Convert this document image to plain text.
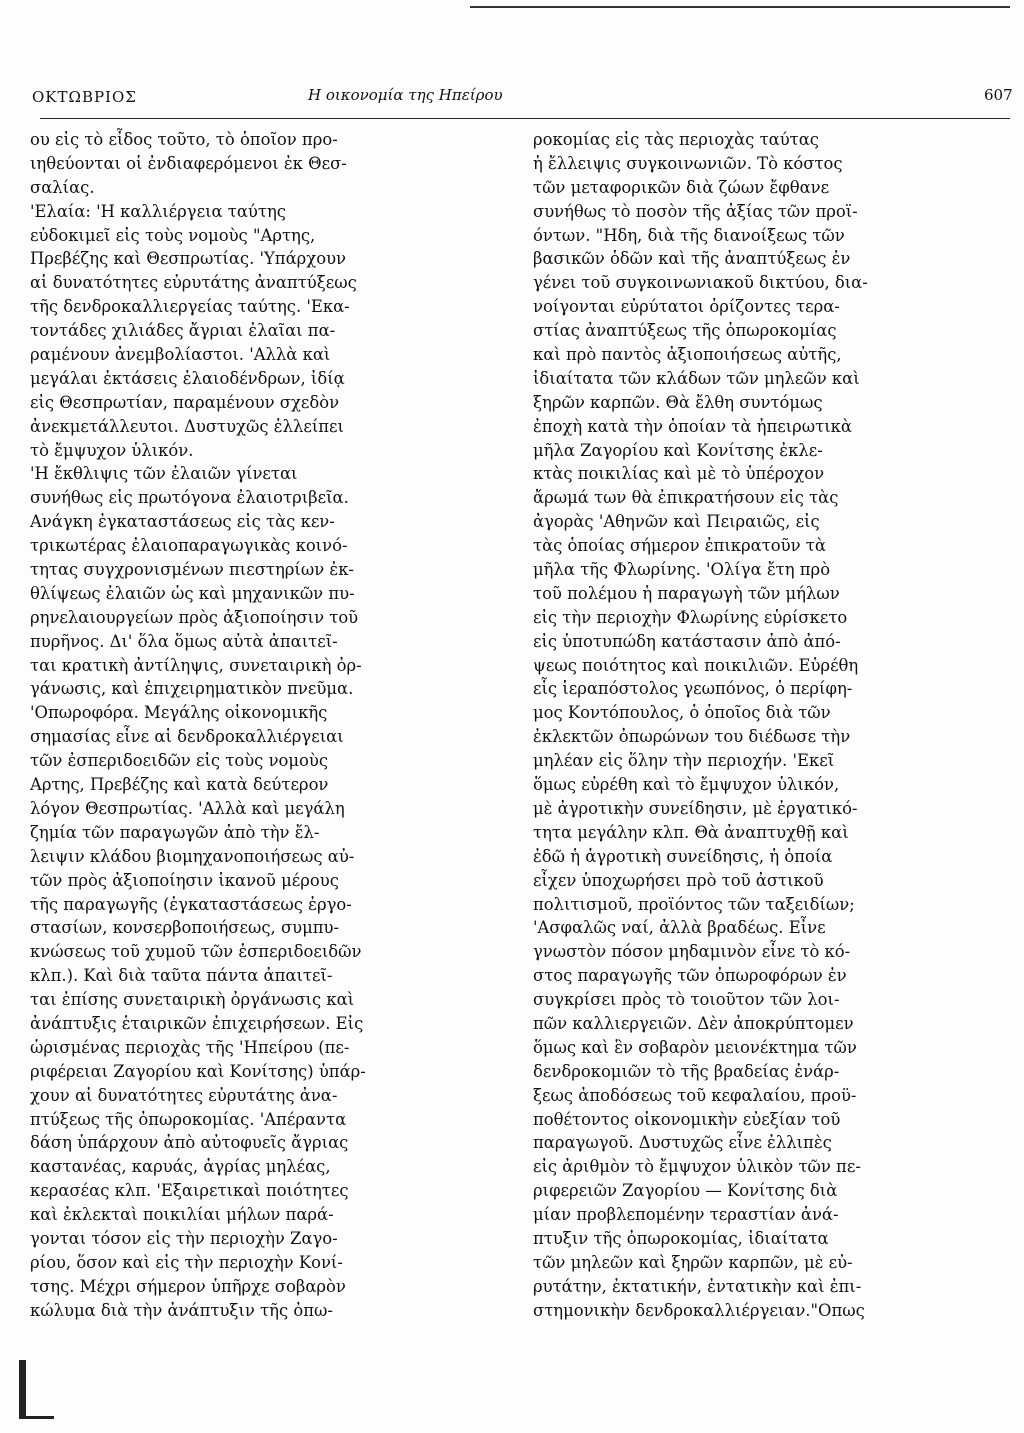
ΟΚΤΩΒΡΙΟΣ	Η οικονομία της Ηπείρου	607
ου εἰς τὸ εἶδος τοῦτο, τὸ ὁποῖον προ-
ιηθεύονται οἱ ἐνδιαφερόμενοι ἐκ Θεσ-
σαλίας.
'Ελαία: 'Η καλλιέργεια ταύτης
εὐδοκιμεῖ εἰς τοὺς νομοὺς "Αρτης,
Πρεβέζης καὶ Θεσπρωτίας. 'Υπάρχουν
αἱ δυνατότητες εὐρυτάτης ἀναπτύξεως
τῆς δενδροκαλλιεργείας ταύτης. 'Εκα-
τοντάδες χιλιάδες ἄγριαι ἐλαῖαι πα-
ραμένουν ἀνεμβολίαστοι. 'Αλλὰ καὶ
μεγάλαι ἐκτάσεις ἐλαιοδένδρων, ἰδίᾳ
εἰς Θεσπρωτίαν, παραμένουν σχεδὸν
ἀνεκμετάλλευτοι. Δυστυχῶς ἐλλείπει
τὸ ἔμψυχον ὑλικόν.
'Η ἔκθλιψις τῶν ἐλαιῶν γίνεται
συνήθως εἰς πρωτόγονα ἐλαιοτριβεῖα.
Ανάγκη ἐγκαταστάσεως εἰς τὰς κεν-
τρικωτέρας ἐλαιοπαραγωγικὰς κοινό-
τητας συγχρονισμένων πιεστηρίων ἐκ-
θλίψεως ἐλαιῶν ὡς καὶ μηχανικῶν πυ-
ρηνελαιουργείων πρὸς ἀξιοποίησιν τοῦ
πυρῆνος. Δι' ὅλα ὅμως αὐτὰ ἀπαιτεῖ-
ται κρατικὴ ἀντίληψις, συνεταιρικὴ ὀρ-
γάνωσις, καὶ ἐπιχειρηματικὸν πνεῦμα.
'Οπωροφόρα. Μεγάλης οἰκονομικῆς
σημασίας εἶνε αἱ δενδροκαλλιέργειαι
τῶν ἐσπεριδοειδῶν εἰς τοὺς νομοὺς
Αρτης, Πρεβέζης καὶ κατὰ δεύτερον
λόγον Θεσπρωτίας. 'Αλλὰ καὶ μεγάλη
ζημία τῶν παραγωγῶν ἀπὸ τὴν ἔλ-
λειψιν κλάδου βιομηχανοποιήσεως αὐ-
τῶν πρὸς ἀξιοποίησιν ἱκανοῦ μέρους
τῆς παραγωγῆς (ἐγκαταστάσεως ἐργο-
στασίων, κονσερβοποιήσεως, συμπυ-
κνώσεως τοῦ χυμοῦ τῶν ἐσπεριδοειδῶν
κλπ.). Καὶ διὰ ταῦτα πάντα ἀπαιτεῖ-
ται ἐπίσης συνεταιρικὴ ὀργάνωσις καὶ
ἀνάπτυξις ἑταιρικῶν ἐπιχειρήσεων. Εἰς
ὡρισμένας περιοχὰς τῆς 'Ηπείρου (πε-
ριφέρειαι Ζαγορίου καὶ Κονίτσης) ὑπάρ-
χουν αἱ δυνατότητες εὐρυτάτης ἀνα-
πτύξεως τῆς ὀπωροκομίας. 'Απέραντα
δάση ὑπάρχουν ἀπὸ αὐτοφυεῖς ἄγριας
καστανέας, καρυάς, ἀγρίας μηλέας,
κερασέας κλπ. 'Εξαιρετικαὶ ποιότητες
καὶ ἐκλεκταὶ ποικιλίαι μήλων παρά-
γονται τόσον εἰς τὴν περιοχὴν Ζαγο-
ρίου, ὅσον καὶ εἰς τὴν περιοχὴν Κονί-
τσης. Μέχρι σήμερον ὑπῆρχε σοβαρὸν
κώλυμα διὰ τὴν ἀνάπτυξιν τῆς ὀπω-
ροκομίας εἰς τὰς περιοχὰς ταύτας
ἡ ἔλλειψις συγκοινωνιῶν. Τὸ κόστος
τῶν μεταφορικῶν διὰ ζώων ἔφθανε
συνήθως τὸ ποσὸν τῆς ἀξίας τῶν προϊ-
όντων. "Ηδη, διὰ τῆς διανοίξεως τῶν
βασικῶν ὁδῶν καὶ τῆς ἀναπτύξεως ἐν
γένει τοῦ συγκοινωνιακοῦ δικτύου, δια-
νοίγονται εὐρύτατοι ὁρίζοντες τερα-
στίας ἀναπτύξεως τῆς ὀπωροκομίας
καὶ πρὸ παντὸς ἀξιοποιήσεως αὐτῆς,
ἰδιαίτατα τῶν κλάδων τῶν μηλεῶν καὶ
ξηρῶν καρπῶν. Θὰ ἔλθη συντόμως
ἐποχὴ κατὰ τὴν ὁποίαν τὰ ἠπειρωτικὰ
μῆλα Ζαγορίου καὶ Κονίτσης ἐκλε-
κτὰς ποικιλίας καὶ μὲ τὸ ὑπέροχον
ἄρωμά των θὰ ἐπικρατήσουν εἰς τὰς
ἀγορὰς 'Αθηνῶν καὶ Πειραιῶς, εἰς
τὰς ὁποίας σήμερον ἐπικρατοῦν τὰ
μῆλα τῆς Φλωρίνης. 'Ολίγα ἔτη πρὸ
τοῦ πολέμου ἡ παραγωγὴ τῶν μήλων
εἰς τὴν περιοχὴν Φλωρίνης εὑρίσκετο
εἰς ὑποτυπώδη κατάστασιν ἀπὸ ἀπό-
ψεως ποιότητος καὶ ποικιλιῶν. Εὑρέθη
εἷς ἱεραπόστολος γεωπόνος, ὁ περίφη-
μος Κοντόπουλος, ὁ ὁποῖος διὰ τῶν
ἐκλεκτῶν ὀπωρώνων του διέδωσε τὴν
μηλέαν εἰς ὅλην τὴν περιοχήν. 'Εκεῖ
ὅμως εὑρέθη καὶ τὸ ἔμψυχον ὑλικόν,
μὲ ἀγροτικὴν συνείδησιν, μὲ ἐργατικό-
τητα μεγάλην κλπ. Θὰ ἀναπτυχθῇ καὶ
ἐδῶ ἡ ἀγροτικὴ συνείδησις, ἡ ὁποία
εἶχεν ὑποχωρήσει πρὸ τοῦ ἀστικοῦ
πολιτισμοῦ, προϊόντος τῶν ταξειδίων;
'Ασφαλῶς ναί, ἀλλὰ βραδέως. Εἶνε
γνωστὸν πόσον μηδαμινὸν εἶνε τὸ κό-
στος παραγωγῆς τῶν ὀπωροφόρων ἐν
συγκρίσει πρὸς τὸ τοιοῦτον τῶν λοι-
πῶν καλλιεργειῶν. Δὲν ἀποκρύπτομεν
ὅμως καὶ ἓν σοβαρὸν μειονέκτημα τῶν
δενδροκομιῶν τὸ τῆς βραδείας ἐνάρ-
ξεως ἀποδόσεως τοῦ κεφαλαίου, προϋ-
ποθέτοντος οἰκονομικὴν εὐεξίαν τοῦ
παραγωγοῦ. Δυστυχῶς εἶνε ἐλλιπὲς
εἰς ἀριθμὸν τὸ ἔμψυχον ὑλικὸν τῶν πε-
ριφερειῶν Ζαγορίου — Κονίτσης διὰ
μίαν προβλεπομένην τεραστίαν ἀνά-
πτυξιν τῆς ὀπωροκομίας, ἰδιαίτατα
τῶν μηλεῶν καὶ ξηρῶν καρπῶν, μὲ εὐ-
ρυτάτην, ἐκτατικήν, ἐντατικὴν καὶ ἐπι-
στημονικὴν δενδροκαλλιέργειαν."Οπως
